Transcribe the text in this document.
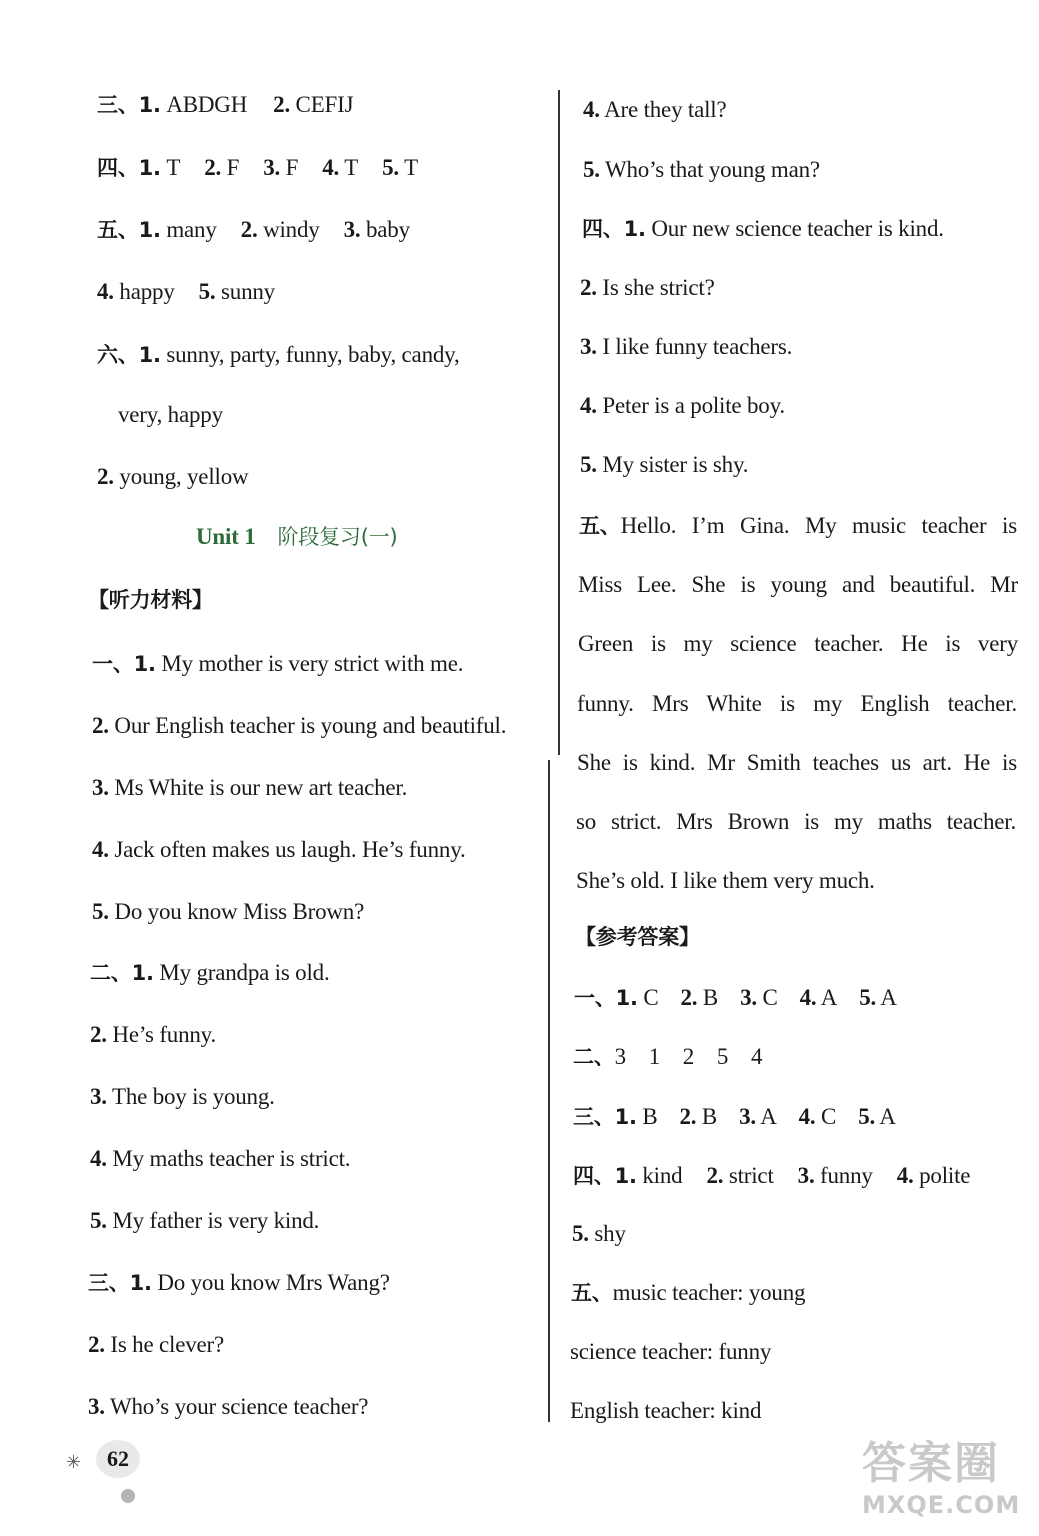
三、1. ABDGH 2. CEFIJ
四、1. T 2. F 3. F 4. T 5. T
五、1. many 2. windy 3. baby
4. happy 5. sunny
六、1. sunny, party, funny, baby, candy,
very, happy
2. young, yellow
Unit 1 阶段复习(一)
【听力材料】
一、1. My mother is very strict with me.
2. Our English teacher is young and beautiful.
3. Ms White is our new art teacher.
4. Jack often makes us laugh. He’s funny.
5. Do you know Miss Brown?
二、1. My grandpa is old.
2. He’s funny.
3. The boy is young.
4. My maths teacher is strict.
5. My father is very kind.
三、1. Do you know Mrs Wang?
2. Is he clever?
3. Who’s your science teacher?
4. Are they tall?
5. Who’s that young man?
四、1. Our new science teacher is kind.
2. Is she strict?
3. I like funny teachers.
4. Peter is a polite boy.
5. My sister is shy.
五、 Hello. I’m Gina. My music teacher is
Miss Lee. She is young and beautiful. Mr
Green is my science teacher. He is very
funny. Mrs White is my English teacher.
She is kind. Mr Smith teaches us art. He is
so strict. Mrs Brown is my maths teacher.
She’s old. I like them very much.
【参考答案】
一、1. C 2. B 3. C 4. A 5. A
二、3　1　2　5　4
三、1. B 2. B 3. A 4. C 5. A
四、1. kind 2. strict 3. funny 4. polite
5. shy
五、music teacher: young
science teacher: funny
English teacher: kind
✳	62	答案圈
MXQE.COM
